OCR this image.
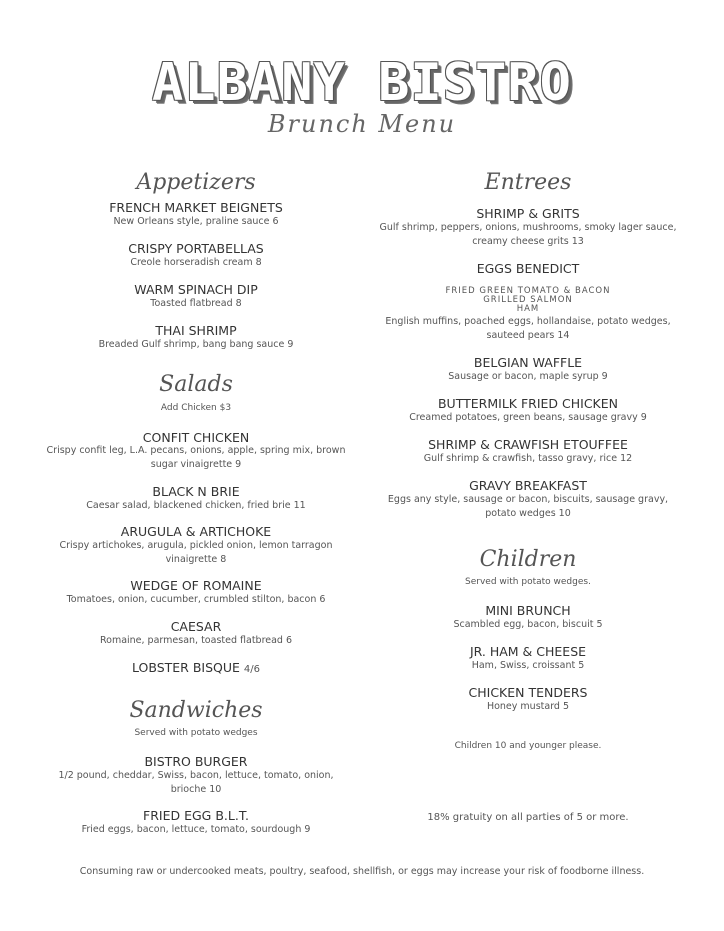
ALBANY BISTRO
Brunch Menu
Appetizers
FRENCH MARKET BEIGNETS
New Orleans style, praline sauce 6
CRISPY PORTABELLAS
Creole horseradish cream 8
WARM SPINACH DIP
Toasted flatbread 8
THAI SHRIMP
Breaded Gulf shrimp, bang bang sauce 9
Salads
Add Chicken $3
CONFIT CHICKEN
Crispy confit leg, L.A. pecans, onions, apple, spring mix, brown
sugar vinaigrette 9
BLACK N BRIE
Caesar salad, blackened chicken, fried brie 11
ARUGULA & ARTICHOKE
Crispy artichokes, arugula, pickled onion, lemon tarragon
vinaigrette 8
WEDGE OF ROMAINE
Tomatoes, onion, cucumber, crumbled stilton, bacon 6
CAESAR
Romaine, parmesan, toasted flatbread 6
LOBSTER BISQUE 4/6
Sandwiches
Served with potato wedges
BISTRO BURGER
1/2 pound, cheddar, Swiss, bacon, lettuce, tomato, onion,
brioche 10
FRIED EGG B.L.T.
Fried eggs, bacon, lettuce, tomato, sourdough 9
Entrees
SHRIMP & GRITS
Gulf shrimp, peppers, onions, mushrooms, smoky lager sauce,
creamy cheese grits 13
EGGS BENEDICT
FRIED GREEN TOMATO & BACON
GRILLED SALMON
HAM
English muffins, poached eggs, hollandaise, potato wedges,
sauteed pears 14
BELGIAN WAFFLE
Sausage or bacon, maple syrup 9
BUTTERMILK FRIED CHICKEN
Creamed potatoes, green beans, sausage gravy 9
SHRIMP & CRAWFISH ETOUFFEE
Gulf shrimp & crawfish, tasso gravy, rice 12
GRAVY BREAKFAST
Eggs any style, sausage or bacon, biscuits, sausage gravy,
potato wedges 10
Children
Served with potato wedges.
MINI BRUNCH
Scambled egg, bacon, biscuit 5
JR. HAM & CHEESE
Ham, Swiss, croissant 5
CHICKEN TENDERS
Honey mustard 5
Children 10 and younger please.
18% gratuity on all parties of 5 or more.
Consuming raw or undercooked meats, poultry, seafood, shellfish, or eggs may increase your risk of foodborne illness.
